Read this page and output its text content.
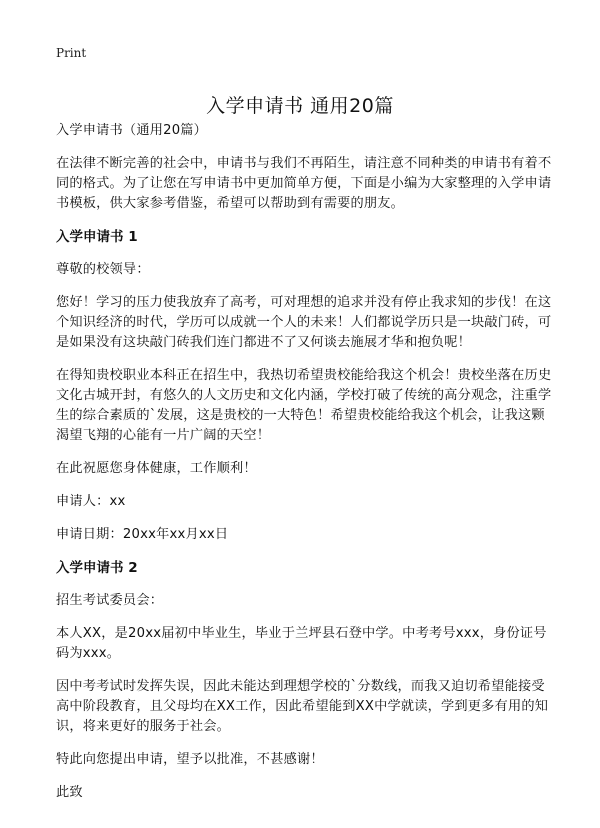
Print
入学申请书 通用20篇

入学申请书（通用20篇）

在法律不断完善的社会中，申请书与我们不再陌生，请注意不同种类的申请书有着不同的格式。为了让您在写申请书中更加简单方便，下面是小编为大家整理的入学申请书模板，供大家参考借鉴，希望可以帮助到有需要的朋友。

入学申请书 1

尊敬的校领导：

您好！学习的压力使我放弃了高考，可对理想的追求并没有停止我求知的步伐！在这个知识经济的时代，学历可以成就一个人的未来！人们都说学历只是一块敲门砖，可是如果没有这块敲门砖我们连门都进不了又何谈去施展才华和抱负呢！

在得知贵校职业本科正在招生中，我热切希望贵校能给我这个机会！贵校坐落在历史文化古城开封，有悠久的人文历史和文化内涵，学校打破了传统的高分观念，注重学生的综合素质的`发展，这是贵校的一大特色！希望贵校能给我这个机会，让我这颗渴望飞翔的心能有一片广阔的天空！

在此祝愿您身体健康，工作顺利！

申请人：xx

申请日期：20xx年xx月xx日

入学申请书 2

招生考试委员会：

本人XX，是20xx届初中毕业生，毕业于兰坪县石登中学。中考考号xxx，身份证号码为xxx。

因中考考试时发挥失误，因此未能达到理想学校的`分数线，而我又迫切希望能接受高中阶段教育，且父母均在XX工作，因此希望能到XX中学就读，学到更多有用的知识，将来更好的服务于社会。

特此向您提出申请，望予以批准，不甚感谢！

此致
